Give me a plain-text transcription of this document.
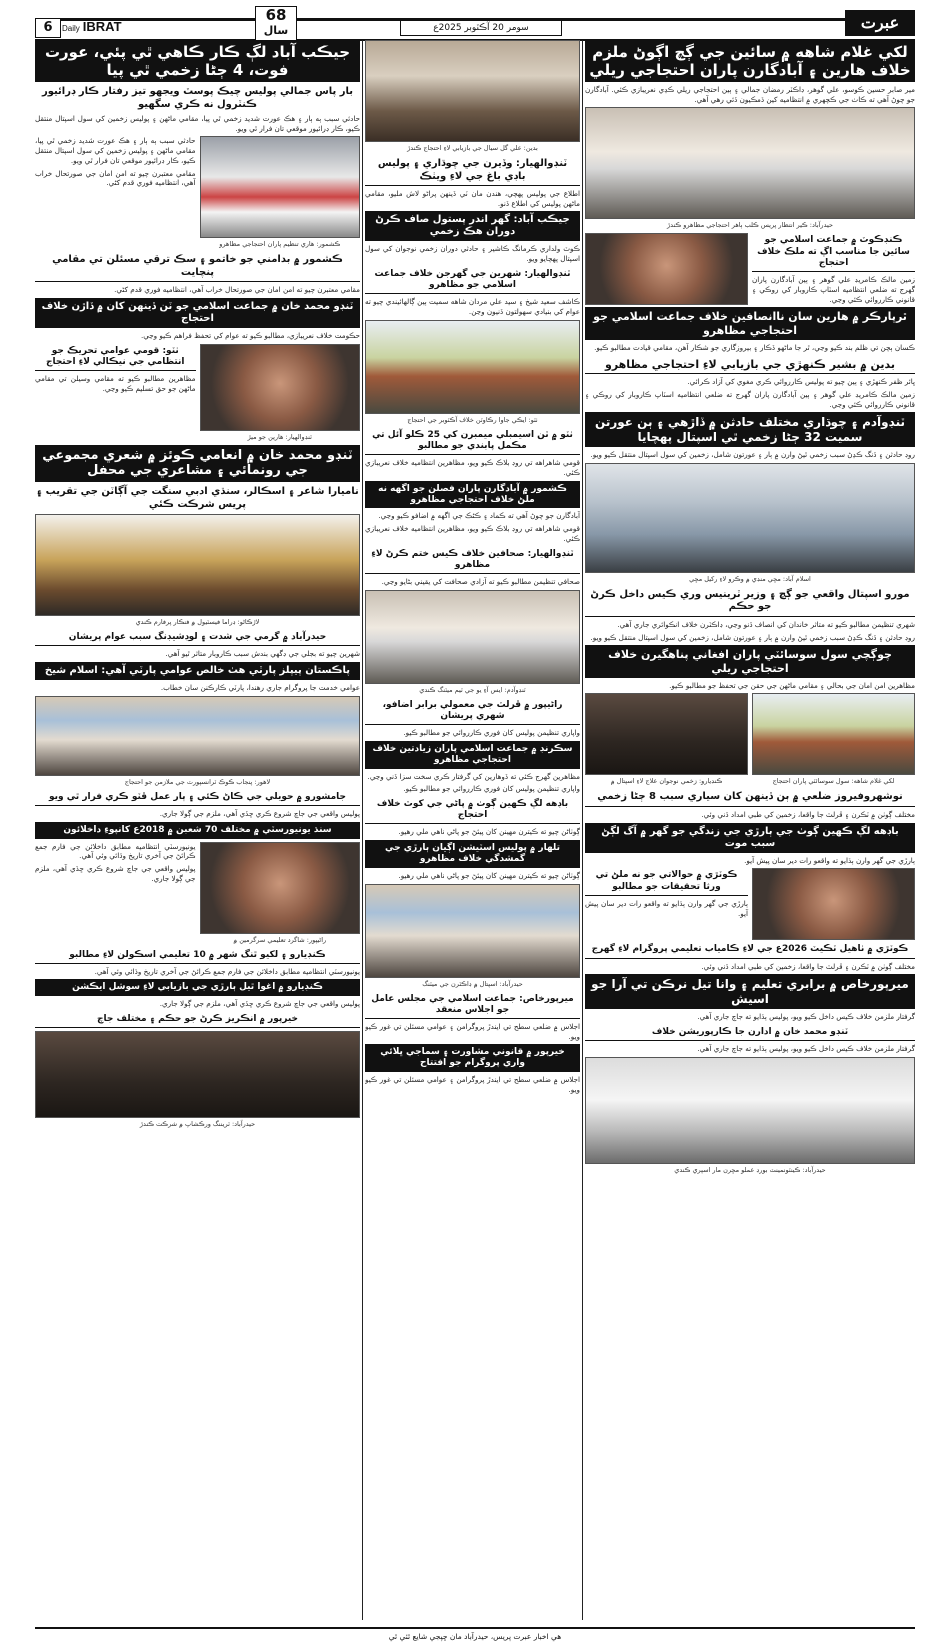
6	Daily IBRAT
68
سال	سومر 20 آڪٽوبر 2025ع	عبرت
لکي غلام شاهه ۾ سائين جي ڳچ اڳوڻ ملزم خلاف هارين ۽ آبادگارن پاران احتجاجي ريلي
مير صابر حسين ڪوسو، علي گوهر، ڊاڪٽر رمضان جمالي ۽ ٻين احتجاجي ريلي ڪڍي نعريبازي ڪئي. آبادگارن جو چوڻ آهي ته ڪاٺ جي ڪچهري ۾ انتظاميه کين ڌمڪيون ڏئي رهي آهي.
حيدرآباد: ڪير انتظار پريس ڪلب ٻاهر احتجاجي مظاهرو ڪندڙ
ڪنڊڪوٽ ۾ جماعت اسلامي جو سائين جا مناسب اڳ ته ملڪ خلاف احتجاج
زمين مالڪ ڪامريڊ علي گوهر ۽ ٻين آبادگارن پاران گهرج ته ضلعي انتظاميه اسٽاپ ڪاروبار کي روڪي ۽ قانوني ڪارروائي ڪئي وڃي.
ٿرپارڪر ۾ هارين سان ناانصافين خلاف جماعت اسلامي جو احتجاجي مظاهرو
ڪسان ٻچن تي ظلم بند ڪيو وڃي، ٿر جا ماڻهو ڏڪار ۽ بيروزگاري جو شڪار آهن، مقامي قيادت مطالبو ڪيو.
بدين ۾ بشير ڪنهڙي جي بازيابي لاءِ احتجاجي مظاهرو
ڀائر ظفر ڪنهڙي ۽ ٻين چيو ته پوليس ڪارروائي ڪري مغوي کي آزاد ڪرائي.
زمين مالڪ ڪامريڊ علي گوهر ۽ ٻين آبادگارن پاران گهرج ته ضلعي انتظاميه اسٽاپ ڪاروبار کي روڪي ۽ قانوني ڪارروائي ڪئي وڃي.
ٽنڊوآدم ۽ چوڌاري مختلف حادثن ۾ ڏاڙهي ۽ ٻن عورتن سميت 32 ڄڻا زخمي ٿي اسپتال پهچايا
روڊ حادثن ۽ ڏنگ ڪڍڻ سبب زخمي ٿيڻ وارن ۾ ٻار ۽ عورتون شامل، زخمين کي سول اسپتال منتقل ڪيو ويو.
اسلام آباد: مڇي منڊي ۾ وڪرو لاءِ رکيل مڇي
مورو اسپتال واقعي جو ڳچ ۽ وزير ٽرينيس وري ڪيس داخل ڪرڻ جو حڪم
شهري تنظيمن مطالبو ڪيو ته متاثر خاندان کي انصاف ڏنو وڃي، ڊاڪٽرن خلاف انڪوائري جاري آهي.
روڊ حادثن ۽ ڏنگ ڪڍڻ سبب زخمي ٿيڻ وارن ۾ ٻار ۽ عورتون شامل، زخمين کي سول اسپتال منتقل ڪيو ويو.
چوڳچي سول سوسائٽي پاران افغاني پناهگيرن خلاف احتجاجي ريلي
مظاهرين امن امان جي بحالي ۽ مقامي ماڻهن جي حقن جي تحفظ جو مطالبو ڪيو.
لکي غلام شاهه: سول سوسائٽي پاران احتجاج
ڪنڊيارو: زخمي نوجوان علاج لاءِ اسپتال ۾
نوشهروفيروز ضلعي ۾ ٻن ڏينهن کان سياري سبب 8 ڄڻا زخمي
مختلف ڳوٺن ۾ ٽڪرن ۽ ڦرلٽ جا واقعا، زخمين کي طبي امداد ڏني وئي.
باڊهه لڳ ڪهين ڳوٺ جي ٻارڙي جي زندگي جو گهر ۾ آگ لڳڻ سبب موت
ٻارڙي جي گهر وارن ٻڌايو ته واقعو رات دير سان پيش آيو.
ڪوٽڙي ۾ حوالاتي جو نه ملڻ تي ورثا تحقيقات جو مطالبو
ٻارڙي جي گهر وارن ٻڌايو ته واقعو رات دير سان پيش آيو.
ڪوٽڙي ۾ ٺاهيل ٽڪيٽ 2026ع جي لاءِ ڪامياب تعليمي پروگرام لاءِ گهرج
مختلف ڳوٺن ۾ ٽڪرن ۽ ڦرلٽ جا واقعا، زخمين کي طبي امداد ڏني وئي.
ميرپورخاص ۾ برابري تعليم ۽ وانا تيل نرڪن تي آرا جو اسيش
گرفتار ملزمن خلاف ڪيس داخل ڪيو ويو، پوليس ٻڌايو ته جاچ جاري آهي.
ٽنڊو محمد خان ۾ ادارن جا ڪارپوريشن خلاف
گرفتار ملزمن خلاف ڪيس داخل ڪيو ويو، پوليس ٻڌايو ته جاچ جاري آهي.
حيدرآباد: ڪينٽونمينٽ بورڊ عملو مڇرن مار اسپري ڪندي
بدين: علي گل سيال جي بازيابي لاءِ احتجاج ڪندڙ
ٽنڊوالهيار: وڏيرن جي چوڌاري ۽ پوليس باڊي باغ جي لاءِ ويٺڪ
اطلاع جي پوليس پهچي، هندن مان ٽي ڏينهن پراڻو لاش مليو، مقامي ماڻهن پوليس کي اطلاع ڏنو.
جيڪب آباد: گهر اندر پستول صاف ڪرڻ دوران هڪ زخمي
ڪوٽ ولداري ڪرمانگ ڪاشير ۽ حادثي دوران زخمي نوجوان کي سول اسپتال پهچايو ويو.
ٽنڊوالهيار: شهرين جي گهرجن خلاف جماعت اسلامي جو مظاهرو
ڪاشف سعيد شيخ ۽ سيد علي مردان شاهه سميت ٻين ڳالهائيندي چيو ته عوام کي بنيادي سهولتون ڏنيون وڃن.
ٺٽو: ايڪي جاوا رڪاوٽن خلاف آڪٽوبر جي احتجاج
ٺٽو ۾ ٽن اسيمبلي ميمبرن کي 25 ڪلو آئل تي مڪمل پابندي جو مطالبو
قومي شاهراهه تي روڊ بلاڪ ڪيو ويو، مظاهرين انتظاميه خلاف نعريبازي ڪئي.
ڪشمور ۾ آبادگارن پاران فصلن جو اگهه نه ملڻ خلاف احتجاجي مظاهرو
آبادگارن جو چوڻ آهي ته ڪماد ۽ ڪڻڪ جي اگهه ۾ اضافو ڪيو وڃي.
قومي شاهراهه تي روڊ بلاڪ ڪيو ويو، مظاهرين انتظاميه خلاف نعريبازي ڪئي.
ٽنڊوالهيار: صحافين خلاف ڪيس ختم ڪرڻ لاءِ مظاهرو
صحافي تنظيمن مطالبو ڪيو ته آزادي صحافت کي يقيني بڻايو وڃي.
ٽنڊوآدم: ايس آءِ يو جي ٽيم ميٽنگ ڪندي
راڻيپور ۾ ڦرلٽ جي معمولي برابر اضافو، شهري پريشان
واپاري تنظيمن پوليس کان فوري ڪارروائي جو مطالبو ڪيو.
سڪرنڊ ۾ جماعت اسلامي پاران زيادتين خلاف احتجاجي مظاهرو
مظاهرين گهرج ڪئي ته ڏوهارين کي گرفتار ڪري سخت سزا ڏني وڃي.
واپاري تنظيمن پوليس کان فوري ڪارروائي جو مطالبو ڪيو.
باڊهه لڳ ڪهين ڳوٺ ۾ پاڻي جي کوٽ خلاف احتجاج
ڳوٺاڻن چيو ته ڪيترن مهينن کان پيئڻ جو پاڻي ناهي ملي رهيو.
تلهار ۾ پوليس اسٽيشن اڳيان ٻارڙي جي گمشدگي خلاف مظاهرو
ڳوٺاڻن چيو ته ڪيترن مهينن کان پيئڻ جو پاڻي ناهي ملي رهيو.
حيدرآباد: اسپتال ۾ ڊاڪٽرن جي ميٽنگ
ميرپورخاص: جماعت اسلامي جي مجلس عامل جو اجلاس منعقد
اجلاس ۾ ضلعي سطح تي ايندڙ پروگرامن ۽ عوامي مسئلن تي غور ڪيو ويو.
خيرپور ۾ قانوني مشاورت ۽ سماجي ڀلائي واري پروگرام جو افتتاح
اجلاس ۾ ضلعي سطح تي ايندڙ پروگرامن ۽ عوامي مسئلن تي غور ڪيو ويو.
جيڪب آباد لڳ ڪار ڪاهي ٿي پئي، عورت فوت، 4 ڄڻا زخمي ٿي پيا
بار پاس جمالي پوليس چيڪ پوسٽ ويجهو تيز رفتار ڪار ڊرائيور ڪنٽرول نه ڪري سگهيو
حادثي سبب ٻه ٻار ۽ هڪ عورت شديد زخمي ٿي پيا، مقامي ماڻهن ۽ پوليس زخمين کي سول اسپتال منتقل ڪيو، ڪار ڊرائيور موقعي تان فرار ٿي ويو.
ڪشمور: هاري تنظيم پاران احتجاجي مظاهرو
حادثي سبب ٻه ٻار ۽ هڪ عورت شديد زخمي ٿي پيا، مقامي ماڻهن ۽ پوليس زخمين کي سول اسپتال منتقل ڪيو، ڪار ڊرائيور موقعي تان فرار ٿي ويو.
مقامي معتبرن چيو ته امن امان جي صورتحال خراب آهي، انتظاميه فوري قدم کڻي.
ڪشمور ۾ بدامني جو خاتمو ۽ سڪ ترقي مسئلن تي مقامي پنچايت
مقامي معتبرن چيو ته امن امان جي صورتحال خراب آهي، انتظاميه فوري قدم کڻي.
ٽنڊو محمد خان ۾ جماعت اسلامي جو ٽن ڏينهن کان ۾ ڏاڙن خلاف احتجاج
حڪومت خلاف نعريبازي، مطالبو ڪيو ته عوام کي تحفظ فراهم ڪيو وڃي.
ٽنڊوالهيار: هارين جو ميڙ
ٺٽو: قومي عوامي تحريڪ جو انتظامي جي نيڪالي لاءِ احتجاج
مظاهرين مطالبو ڪيو ته مقامي وسيلن تي مقامي ماڻهن جو حق تسليم ڪيو وڃي.
ٽنڊو محمد خان ۾ انعامي ڪوئز ۾ شعري مجموعي جي رونمائي ۽ مشاعري جي محفل
ناميارا شاعر ۽ اسڪالر، سنڌي ادبي سنگت جي آڳاٽن جي تقريب ۽ پريس شرڪت ڪئي
لاڙڪاڻو: ڊراما فيسٽيول ۾ فنڪار پرفارم ڪندي
حيدرآباد ۾ گرمي جي شدت ۽ لوڊشيڊنگ سبب عوام پريشان
شهرين چيو ته بجلي جي ڊگهي بندش سبب ڪاروبار متاثر ٿيو آهي.
پاڪستان پيپلز پارٽي هٺ خالص عوامي پارٽي آهي: اسلام شيخ
عوامي خدمت جا پروگرام جاري رهندا، پارٽي ڪارڪنن سان خطاب.
لاهور: پنجاب ڪوڪ ٽرانسپورٽ جي ملازمن جو احتجاج
جامشورو ۾ حويلي جي ڪاڻ ڪئي ۽ ٻار عمل ڦٽو ڪري فرار ٿي ويو
پوليس واقعي جي جاچ شروع ڪري ڇڏي آهي، ملزم جي ڳولا جاري.
سنڌ يونيورسٽي ۾ مختلف 70 شعبن ۾ 2018ع کانپوءِ داخلائون
راڻيپور: شاگرد تعليمي سرگرمين ۾
يونيورسٽي انتظاميه مطابق داخلائن جي فارم جمع ڪرائڻ جي آخري تاريخ وڌائي وئي آهي.
پوليس واقعي جي جاچ شروع ڪري ڇڏي آهي، ملزم جي ڳولا جاري.
ڪنڊيارو ۽ لکيو ٿنگ شهر ۾ 10 تعليمي اسڪولن لاءِ مطالبو
يونيورسٽي انتظاميه مطابق داخلائن جي فارم جمع ڪرائڻ جي آخري تاريخ وڌائي وئي آهي.
ڪنڊيارو ۾ اغوا ٿيل ٻارڙي جي بازيابي لاءِ سوشل ايڪشن
پوليس واقعي جي جاچ شروع ڪري ڇڏي آهي، ملزم جي ڳولا جاري.
خيرپور ۾ انڪريز ڪرڻ جو حڪم ۽ مختلف جاچ
حيدرآباد: ٽريننگ ورڪشاپ ۾ شرڪت ڪندڙ
هي اخبار عبرت پريس، حيدرآباد مان ڇپجي شايع ٿئي ٿي
